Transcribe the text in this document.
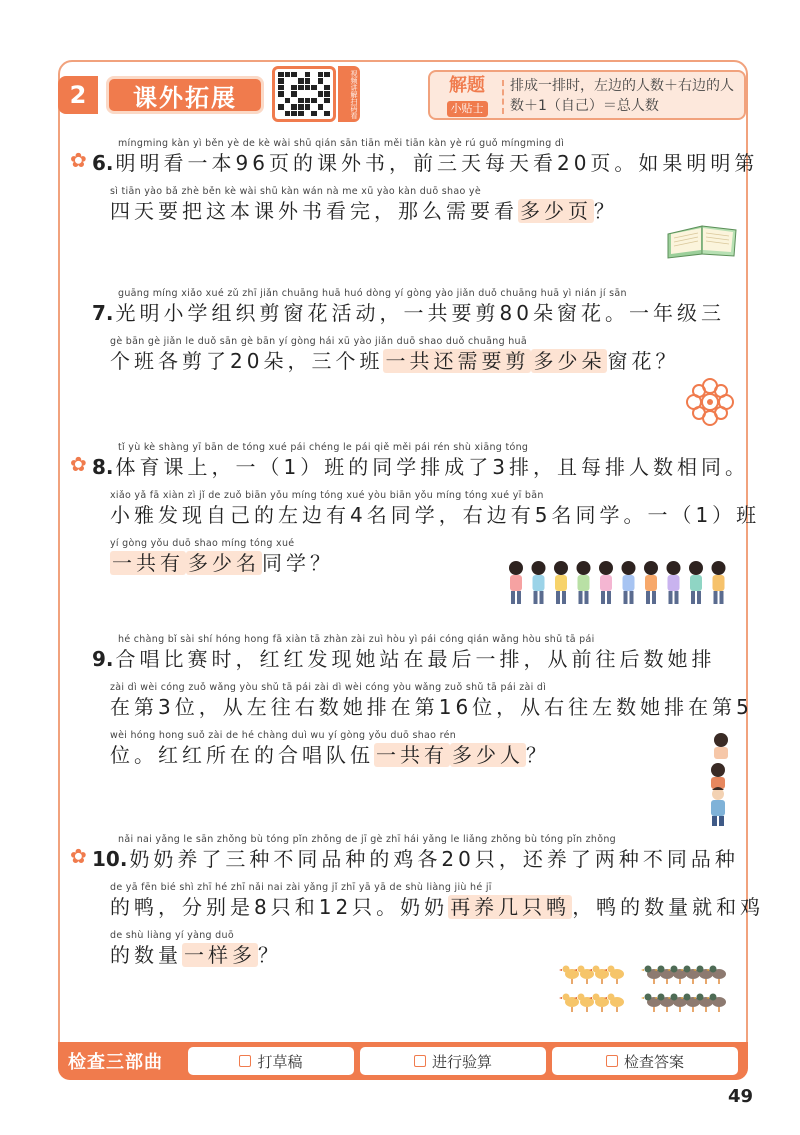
2	课外拓展	视频讲解扫码看	解题
小贴士
排成一排时，左边的人数＋右边的人数＋1（自己）＝总人数
✿
míngming kàn yì běn yè de kè wài shū qián sān tiān měi tiān kàn yè rú guǒ míngming dì
6. 明明看一本96页的课外书，前三天每天看20页。如果明明第
sì tiān yào bǎ zhè běn kè wài shū kàn wán nà me xū yào kàn duō shao yè
四天要把这本课外书看完，那么需要看 多少页 ？
guāng míng xiǎo xué zǔ zhī jiǎn chuāng huā huó dòng yí gòng yào jiǎn duǒ chuāng huā yì nián jí sān
7. 光明小学组织剪窗花活动，一共要剪80朵窗花。一年级三
gè bān gè jiǎn le duǒ sān gè bān yí gòng hái xū yào jiǎn duō shao duǒ chuāng huā
个班各剪了20朵，三个班 一共还需要剪 多少朵 窗花？
✿
tǐ yù kè shàng yī bān de tóng xué pái chéng le pái qiě měi pái rén shù xiāng tóng
8. 体育课上，一（1）班的同学排成了3排，且每排人数相同。
xiǎo yǎ fā xiàn zì jǐ de zuǒ biān yǒu míng tóng xué yòu biān yǒu míng tóng xué yī bān
小雅发现自己的左边有4名同学，右边有5名同学。一（1）班
yí gòng yǒu duō shao míng tóng xué
一共有 多少名 同学？
hé chàng bǐ sài shí hóng hong fā xiàn tā zhàn zài zuì hòu yì pái cóng qián wǎng hòu shǔ tā pái
9. 合唱比赛时，红红发现她站在最后一排，从前往后数她排
zài dì wèi cóng zuǒ wǎng yòu shǔ tā pái zài dì wèi cóng yòu wǎng zuǒ shǔ tā pái zài dì
在第3位，从左往右数她排在第16位，从右往左数她排在第5
wèi hóng hong suǒ zài de hé chàng duì wu yí gòng yǒu duō shao rén
位。红红所在的合唱队伍 一共有 多少人 ？
✿
nǎi nai yǎng le sān zhǒng bù tóng pǐn zhǒng de jī gè zhī hái yǎng le liǎng zhǒng bù tóng pǐn zhǒng
10. 奶奶养了三种不同品种的鸡各20只，还养了两种不同品种
de yā fēn bié shì zhī hé zhī nǎi nai zài yǎng jǐ zhī yā yā de shù liàng jiù hé jī
的鸭，分别是8只和12只。奶奶 再养几只鸭 ，鸭的数量就和鸡
de shù liàng yí yàng duō
的数量 一样多 ？
检查三部曲	打草稿	进行验算	检查答案
49
